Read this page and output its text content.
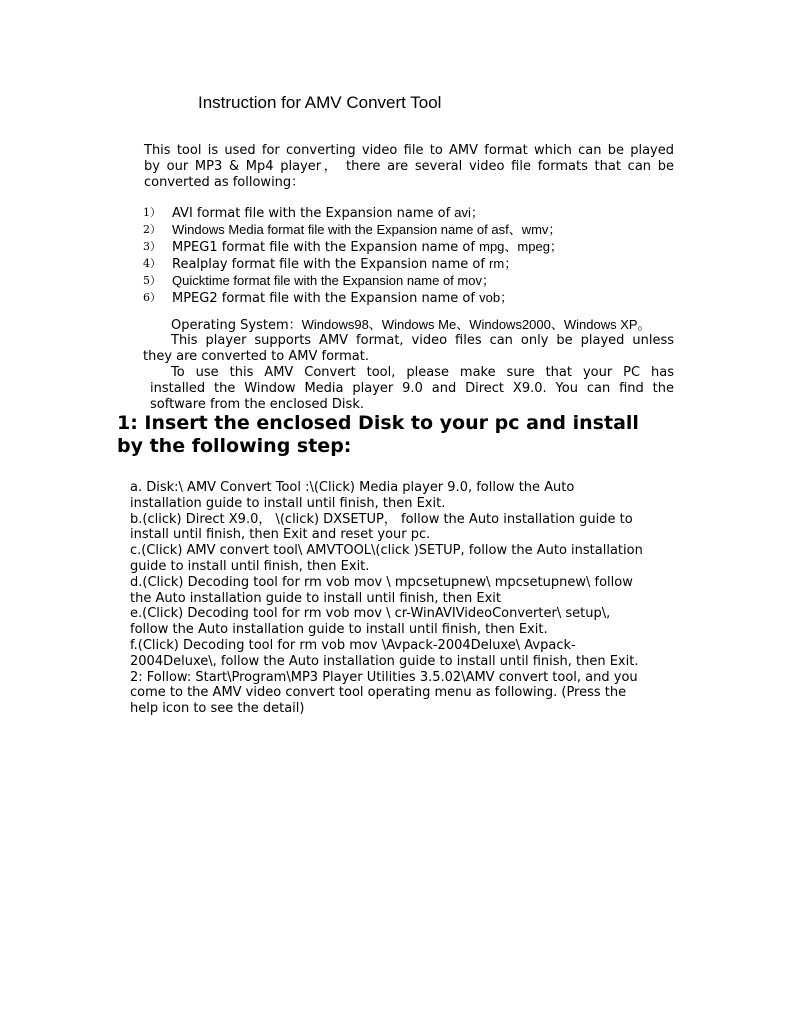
Instruction for AMV Convert Tool
This tool is used for converting video file to AMV format which can be played
by our MP3 & Mp4 player， there are several video file formats that can be
converted as following：
1） AVI format file with the Expansion name of avi；
2） Windows Media format file with the Expansion name of asf、wmv；
3） MPEG1 format file with the Expansion name of mpg、mpeg；
4） Realplay format file with the Expansion name of rm；
5） Quicktime format file with the Expansion name of mov；
6） MPEG2 format file with the Expansion name of vob；
Operating System：Windows98、Windows Me、Windows2000、Windows XP。
This player supports AMV format, video files can only be played unless
they are converted to AMV format.
To use this AMV Convert tool, please make sure that your PC has
installed the Window Media player 9.0 and Direct X9.0. You can find the
software from the enclosed Disk.
1: Insert the enclosed Disk to your pc and install
by the following step:
a. Disk:\ AMV Convert Tool :\(Click) Media player 9.0, follow the Auto
installation guide to install until finish, then Exit.
b.(click) Direct X9.0， \(click) DXSETUP， follow the Auto installation guide to
install until finish, then Exit and reset your pc.
c.(Click) AMV convert tool\ AMVTOOL\(click )SETUP, follow the Auto installation
guide to install until finish, then Exit.
d.(Click) Decoding tool for rm vob mov \ mpcsetupnew\ mpcsetupnew\ follow
the Auto installation guide to install until finish, then Exit
e.(Click) Decoding tool for rm vob mov \ cr-WinAVIVideoConverter\ setup\,
follow the Auto installation guide to install until finish, then Exit.
f.(Click) Decoding tool for rm vob mov \Avpack-2004Deluxe\ Avpack-
2004Deluxe\, follow the Auto installation guide to install until finish, then Exit.
2: Follow: Start\Program\MP3 Player Utilities 3.5.02\AMV convert tool, and you
come to the AMV video convert tool operating menu as following. (Press the
help icon to see the detail)
